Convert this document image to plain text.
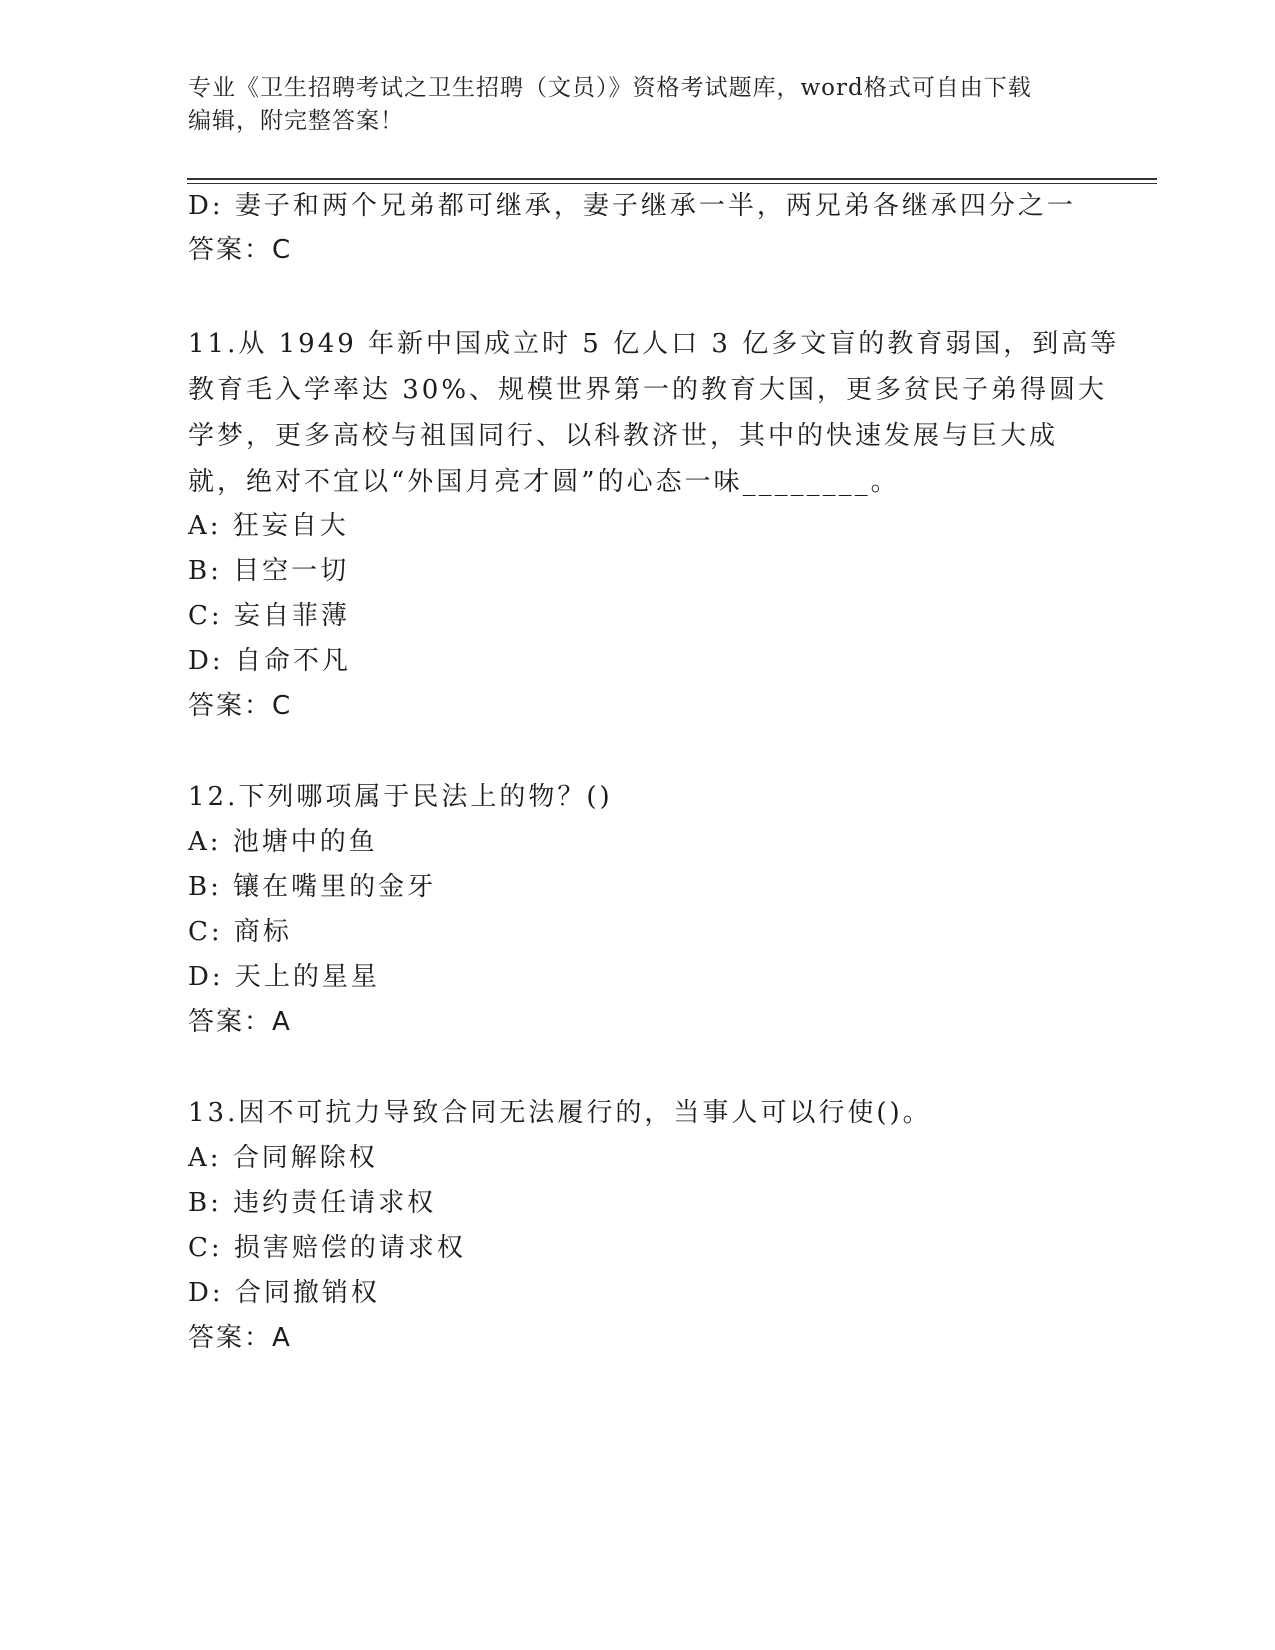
专业《卫生招聘考试之卫生招聘（文员）》资格考试题库，word格式可自由下载
编辑，附完整答案！
D: 妻子和两个兄弟都可继承，妻子继承一半，两兄弟各继承四分之一
答案：C
11.从 1949 年新中国成立时 5 亿人口 3 亿多文盲的教育弱国，到高等
教育毛入学率达 30%、规模世界第一的教育大国，更多贫民子弟得圆大
学梦，更多高校与祖国同行、以科教济世，其中的快速发展与巨大成
就，绝对不宜以“外国月亮才圆”的心态一味________。
A: 狂妄自大
B: 目空一切
C: 妄自菲薄
D: 自命不凡
答案：C
12.下列哪项属于民法上的物？()
A: 池塘中的鱼
B: 镶在嘴里的金牙
C: 商标
D: 天上的星星
答案：A
13.因不可抗力导致合同无法履行的，当事人可以行使()。
A: 合同解除权
B: 违约责任请求权
C: 损害赔偿的请求权
D: 合同撤销权
答案：A
